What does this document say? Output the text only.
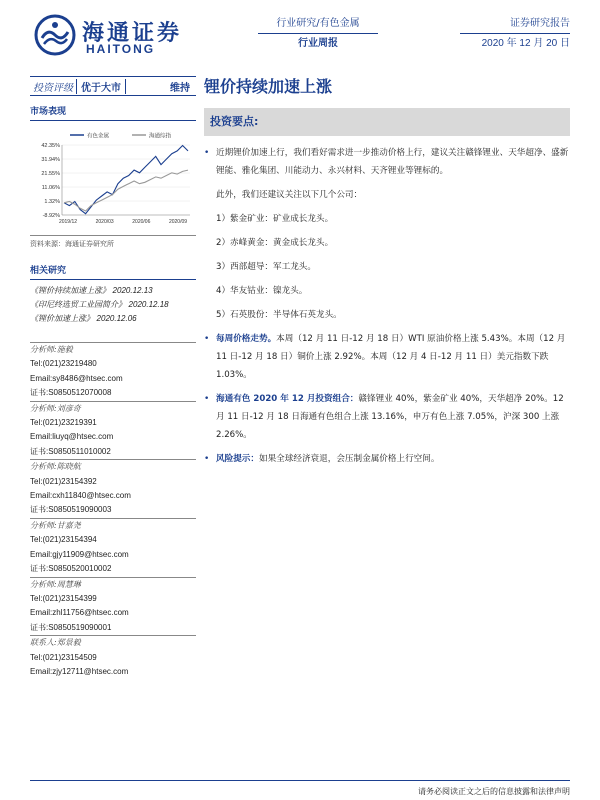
海通证券
HAITONG
行业研究/有色金属
行业周报
证券研究报告
2020 年 12 月 20 日
投资评级 优于大市	维持 锂价持续加速上涨
市场表现
有色金属	海通综指
42.35%
31.94%
21.55%
11.06%
1.32%
-8.92%
2019/12	2020/03	2020/06	2020/09
资料来源：海通证券研究所
相关研究
《锂价持续加速上涨》 2020.12.13
《印尼终选贸工业园简介》 2020.12.18
《锂价加速上涨》 2020.12.06
分析师:施毅
Tel:(021)23219480
Email:sy8486@htsec.com
证书:S0850512070008
分析师:刘彦奇
Tel:(021)23219391
Email:liuyq@htsec.com
证书:S0850511010002
分析师:陈晓航
Tel:(021)23154392
Email:cxh11840@htsec.com
证书:S0850519090003
分析师:甘嘉尧
Tel:(021)23154394
Email:gjy11909@htsec.com
证书:S0850520010002
分析师:周慧琳
Tel:(021)23154399
Email:zhl11756@htsec.com
证书:S0850519090001
联系人:郑景毅
Tel:(021)23154509
Email:zjy12711@htsec.com
投资要点:
• 近期锂价加速上行，我们看好需求进一步推动价格上行，建议关注赣锋锂业、天华超净、盛新锂能、雅化集团、川能动力、永兴材料、天齐锂业等锂标的。
此外，我们还建议关注以下几个公司：
1）紫金矿业：矿业成长龙头。
2）赤峰黄金：黄金成长龙头。
3）西部超导：军工龙头。
4）华友钴业：镍龙头。
5）石英股份：半导体石英龙头。
• 每周价格走势。本周（12 月 11 日-12 月 18 日）WTI 原油价格上涨 5.43%。本周（12 月 11 日-12 月 18 日）铜价上涨 2.92%。本周（12 月 4 日-12 月 11 日）美元指数下跌 1.03%。
• 海通有色 2020 年 12 月投资组合：赣锋锂业 40%，紫金矿业 40%，天华超净 20%。12 月 11 日-12 月 18 日海通有色组合上涨 13.16%，申万有色上涨 7.05%，沪深 300 上涨 2.26%。
• 风险提示：如果全球经济衰退，会压制金属价格上行空间。
请务必阅读正文之后的信息披露和法律声明
